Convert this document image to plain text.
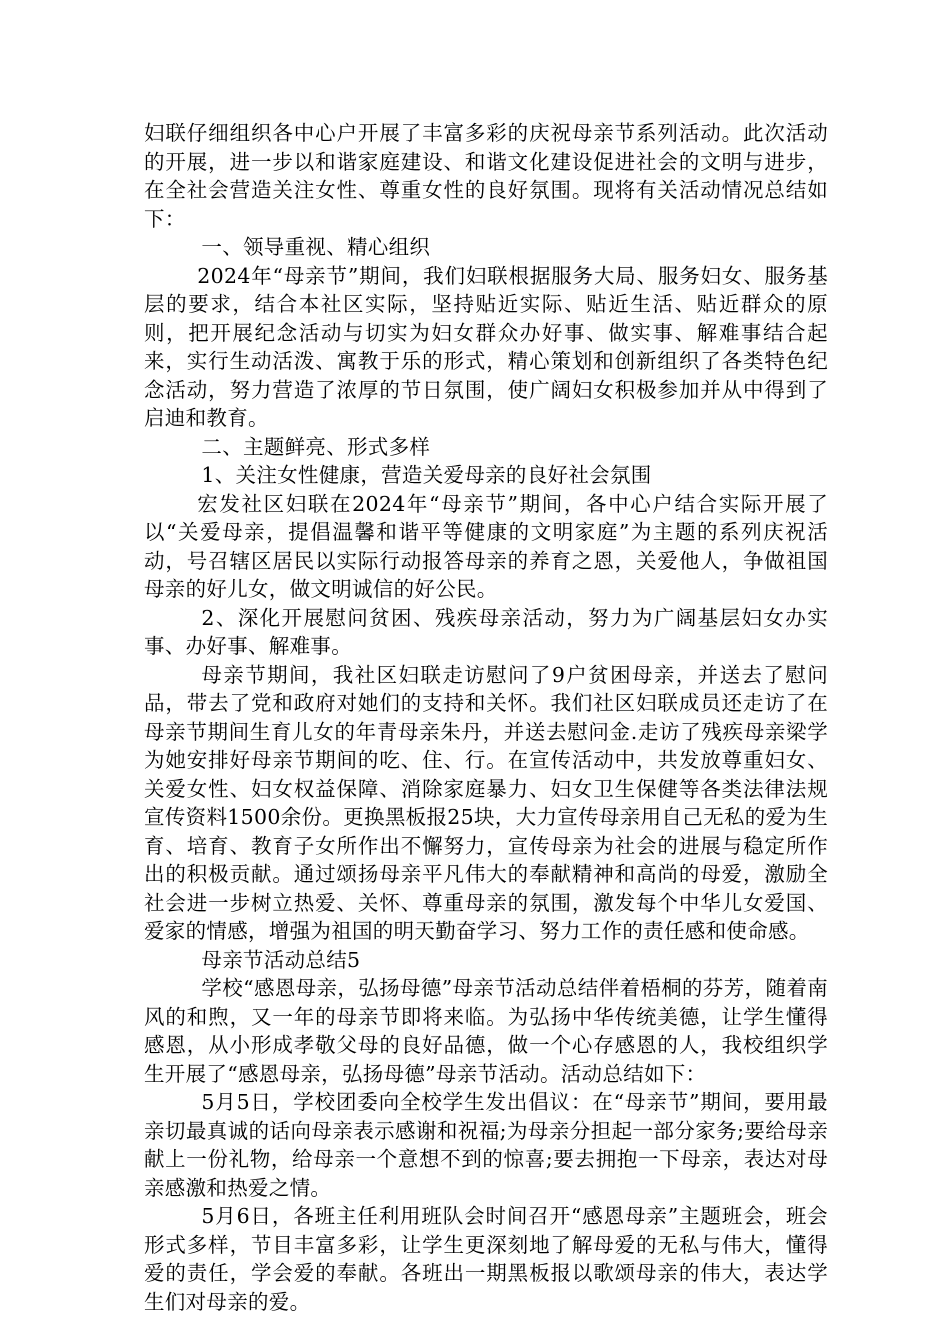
妇联仔细组织各中心户开展了丰富多彩的庆祝母亲节系列活动。此次活动的开展，进一步以和谐家庭建设、和谐文化建设促进社会的文明与进步，在全社会营造关注女性、尊重女性的良好氛围。现将有关活动情况总结如下：

一、领导重视、精心组织

2024年“母亲节”期间，我们妇联根据服务大局、服务妇女、服务基层的要求，结合本社区实际，坚持贴近实际、贴近生活、贴近群众的原则，把开展纪念活动与切实为妇女群众办好事、做实事、解难事结合起来，实行生动活泼、寓教于乐的形式，精心策划和创新组织了各类特色纪念活动，努力营造了浓厚的节日氛围，使广阔妇女积极参加并从中得到了启迪和教育。

二、主题鲜亮、形式多样

1、关注女性健康，营造关爱母亲的良好社会氛围

宏发社区妇联在2024年“母亲节”期间，各中心户结合实际开展了以“关爱母亲，提倡温馨和谐平等健康的文明家庭”为主题的系列庆祝活动，号召辖区居民以实际行动报答母亲的养育之恩，关爱他人，争做祖国母亲的好儿女，做文明诚信的好公民。

2、深化开展慰问贫困、残疾母亲活动，努力为广阔基层妇女办实事、办好事、解难事。

母亲节期间，我社区妇联走访慰问了9户贫困母亲，并送去了慰问品，带去了党和政府对她们的支持和关怀。我们社区妇联成员还走访了在母亲节期间生育儿女的年青母亲朱丹，并送去慰问金.走访了残疾母亲梁学为她安排好母亲节期间的吃、住、行。在宣传活动中，共发放尊重妇女、关爱女性、妇女权益保障、消除家庭暴力、妇女卫生保健等各类法律法规宣传资料1500余份。更换黑板报25块，大力宣传母亲用自己无私的爱为生育、培育、教育子女所作出不懈努力，宣传母亲为社会的进展与稳定所作出的积极贡献。通过颂扬母亲平凡伟大的奉献精神和高尚的母爱，激励全社会进一步树立热爱、关怀、尊重母亲的氛围，激发每个中华儿女爱国、爱家的情感，增强为祖国的明天勤奋学习、努力工作的责任感和使命感。

母亲节活动总结5

学校“感恩母亲，弘扬母德”母亲节活动总结伴着梧桐的芬芳，随着南风的和煦，又一年的母亲节即将来临。为弘扬中华传统美德，让学生懂得感恩，从小形成孝敬父母的良好品德，做一个心存感恩的人，我校组织学生开展了“感恩母亲，弘扬母德”母亲节活动。活动总结如下：

5月5日，学校团委向全校学生发出倡议：在“母亲节”期间，要用最亲切最真诚的话向母亲表示感谢和祝福;为母亲分担起一部分家务;要给母亲献上一份礼物，给母亲一个意想不到的惊喜;要去拥抱一下母亲，表达对母亲感激和热爱之情。

5月6日，各班主任利用班队会时间召开“感恩母亲”主题班会，班会形式多样，节目丰富多彩，让学生更深刻地了解母爱的无私与伟大，懂得爱的责任，学会爱的奉献。各班出一期黑板报以歌颂母亲的伟大，表达学生们对母亲的爱。
